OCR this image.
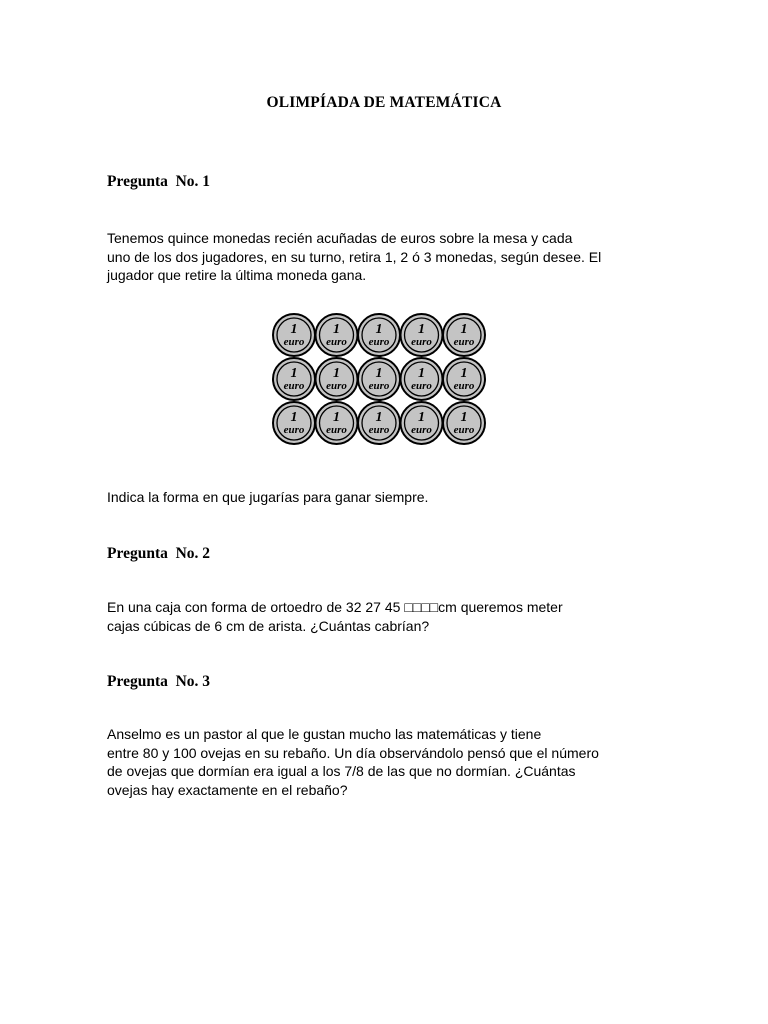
OLIMPÍADA DE MATEMÁTICA
Pregunta  No. 1
Tenemos quince monedas recién acuñadas de euros sobre la mesa y cada
uno de los dos jugadores, en su turno, retira 1, 2 ó 3 monedas, según desee. El
jugador que retire la última moneda gana.
1
euro
1
euro
1
euro
1
euro
1
euro
1
euro
1
euro
1
euro
1
euro
1
euro
1
euro
1
euro
1
euro
1
euro
1
euro
Indica la forma en que jugarías para ganar siempre.
Pregunta  No. 2
En una caja con forma de ortoedro de 32 27 45 □□□□cm queremos meter
cajas cúbicas de 6 cm de arista. ¿Cuántas cabrían?
Pregunta  No. 3
Anselmo es un pastor al que le gustan mucho las matemáticas y tiene
entre 80 y 100 ovejas en su rebaño. Un día observándolo pensó que el número
de ovejas que dormían era igual a los 7/8 de las que no dormían. ¿Cuántas
ovejas hay exactamente en el rebaño?
